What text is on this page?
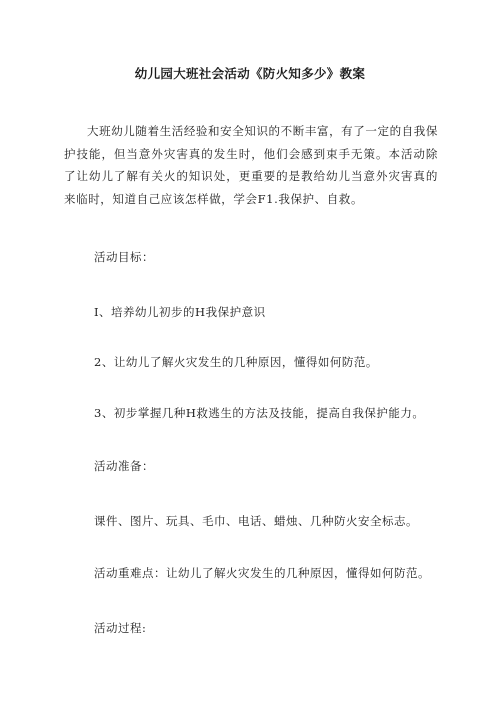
幼儿园大班社会活动《防火知多少》教案
大班幼儿随着生活经验和安全知识的不断丰富，有了一定的自我保护技能，但当意外灾害真的发生时，他们会感到束手无策。本活动除了让幼儿了解有关火的知识处，更重要的是教给幼儿当意外灾害真的来临时，知道自己应该怎样做，学会F1.我保护、自救。
活动目标：
I、培养幼儿初步的H我保护意识
2、让幼儿了解火灾发生的几种原因，懂得如何防范。
3、初步掌握几种H救逃生的方法及技能，提高自我保护能力。
活动准备：
课件、图片、玩具、毛巾、电话、蜡烛、几种防火安全标志。
活动重难点：让幼儿了解火灾发生的几种原因，懂得如何防范。
活动过程:
